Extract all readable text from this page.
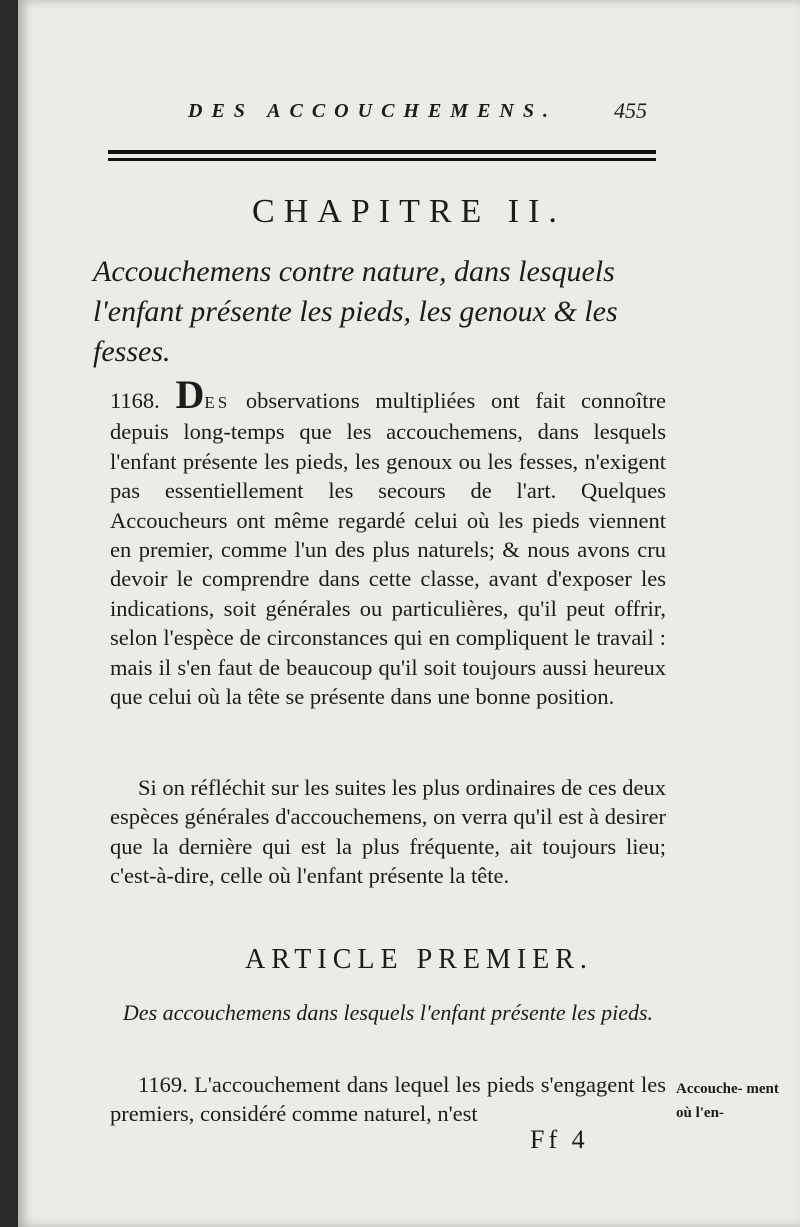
DES ACCOUCHEMENS.	455
CHAPITRE II.
Accouchemens contre nature, dans lesquels l'enfant présente les pieds, les genoux & les fesses.
1168. DES observations multipliées ont fait connoître depuis long-temps que les accouchemens, dans lesquels l'enfant présente les pieds, les genoux ou les fesses, n'exigent pas essentiellement les secours de l'art. Quelques Accoucheurs ont même regardé celui où les pieds viennent en premier, comme l'un des plus naturels; & nous avons cru devoir le comprendre dans cette classe, avant d'exposer les indications, soit générales ou particulières, qu'il peut offrir, selon l'espèce de circonstances qui en compliquent le travail : mais il s'en faut de beaucoup qu'il soit toujours aussi heureux que celui où la tête se présente dans une bonne position.
Si on réfléchit sur les suites les plus ordinaires de ces deux espèces générales d'accouchemens, on verra qu'il est à desirer que la dernière qui est la plus fréquente, ait toujours lieu; c'est-à-dire, celle où l'enfant présente la tête.
ARTICLE PREMIER.
Des accouchemens dans lesquels l'enfant présente les pieds.
1169. L'accouchement dans lequel les pieds s'engagent les premiers, considéré comme naturel, n'est
Ff 4
Accouche- ment où l'en-
